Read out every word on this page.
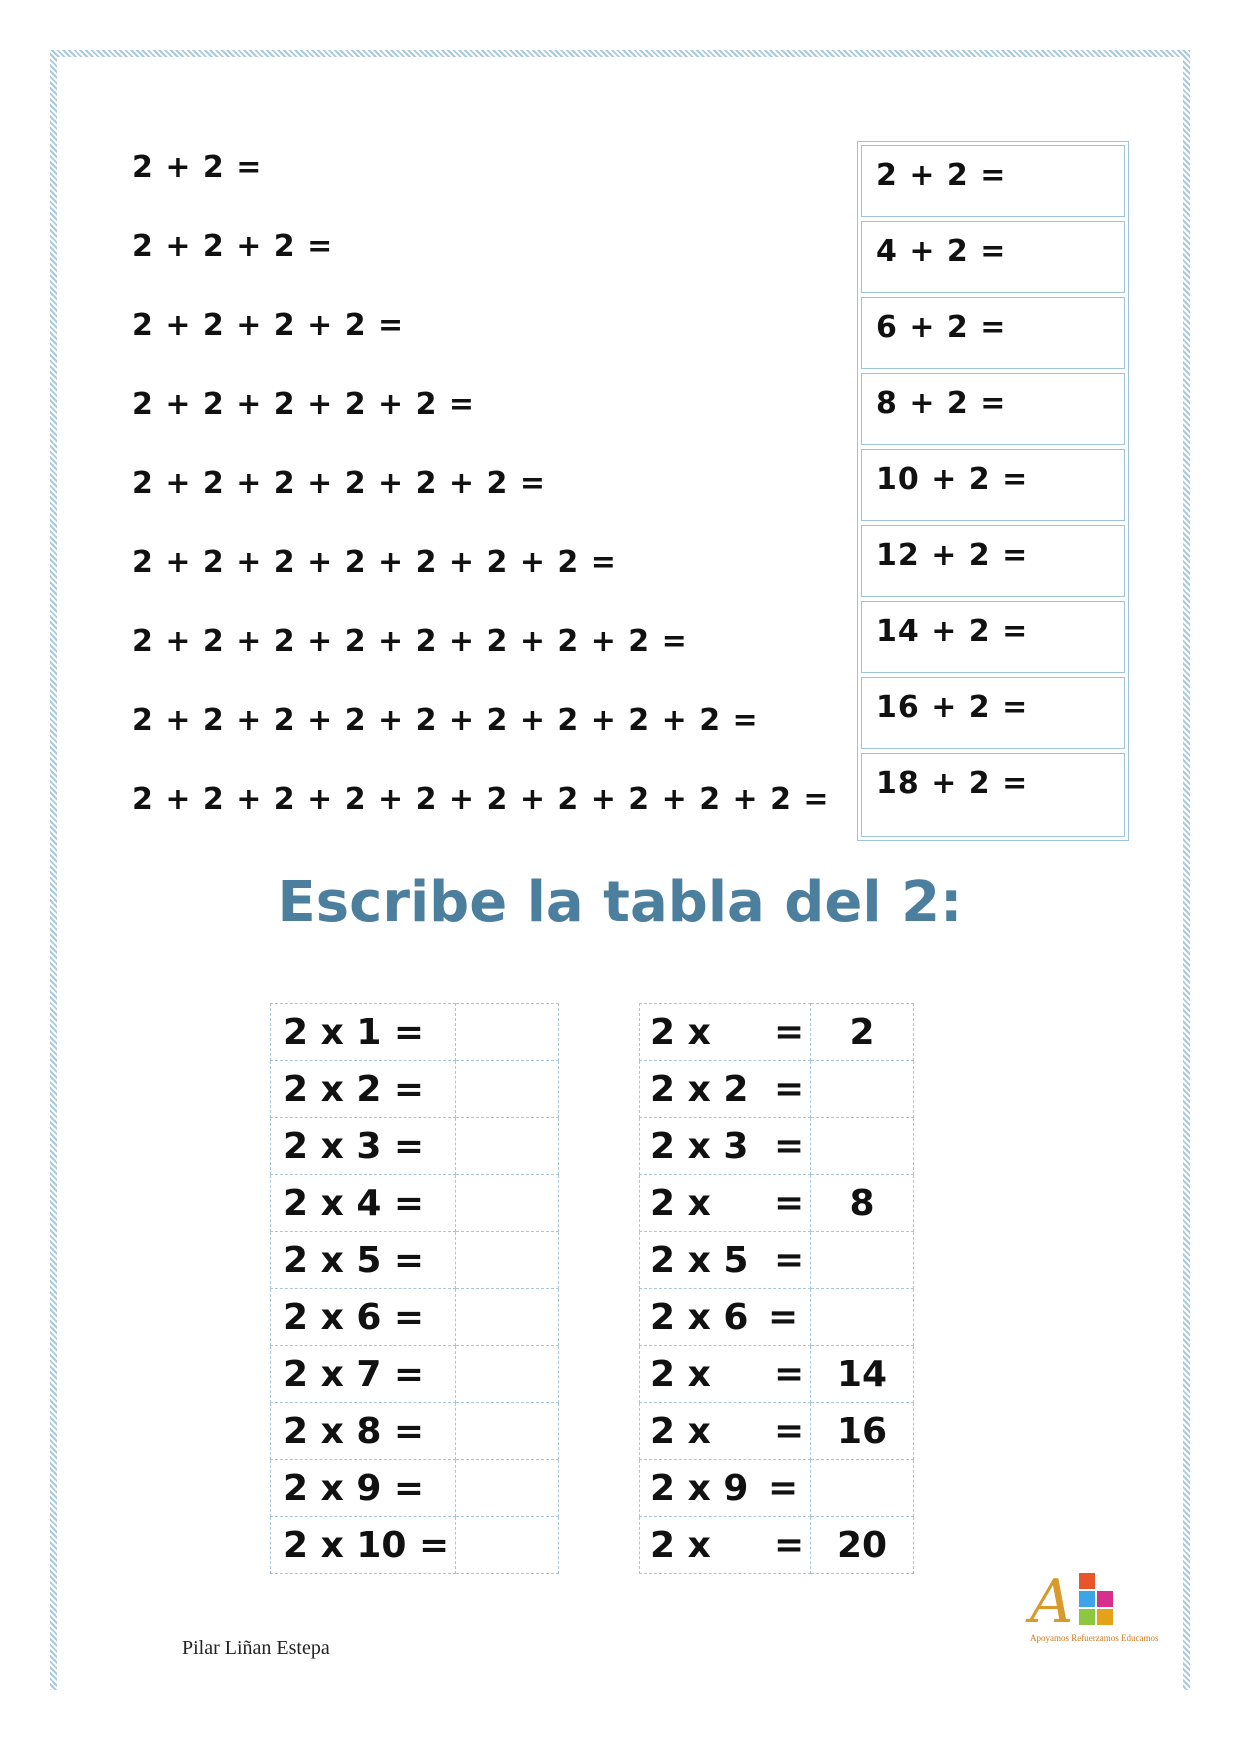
2 + 2 =
2 + 2 + 2 =
2 + 2 + 2 + 2 =
2 + 2 + 2 + 2 + 2 =
2 + 2 + 2 + 2 + 2 + 2 =
2 + 2 + 2 + 2 + 2 + 2 + 2 =
2 + 2 + 2 + 2 + 2 + 2 + 2 + 2 =
2 + 2 + 2 + 2 + 2 + 2 + 2 + 2 + 2 =
2 + 2 + 2 + 2 + 2 + 2 + 2 + 2 + 2 + 2 =
2 + 2 =
4 + 2 =
6 + 2 =
8 + 2 =
10 + 2 =
12 + 2 =
14 + 2 =
16 + 2 =
18 + 2 =
Escribe la tabla del 2:
2 x 1 =	
2 x 2 =	
2 x 3 =	
2 x 4 =	
2 x 5 =	
2 x 6 =	
2 x 7 =	
2 x 8 =	
2 x 9 =	
2 x 10 =	
2 x =	2
2 x 2 =	

2 x 3 =	

2 x =	8
2 x 5 =	

2 x 6 =	

2 x =	14
2 x =	16
2 x 9 =	

2 x =	20
Pilar Liñan Estepa
A
Apoyamos Refuerzamos Educamos
